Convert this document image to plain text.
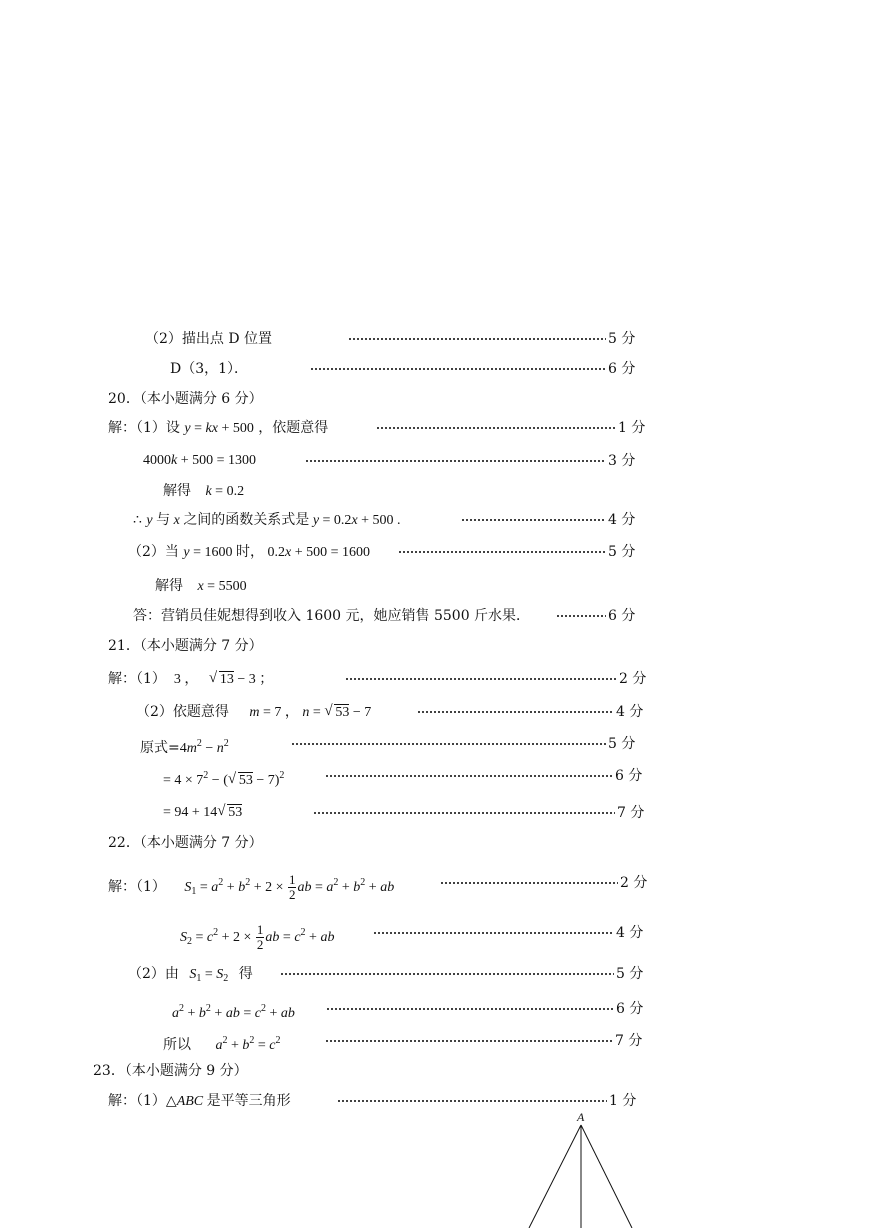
（2）描出点 D 位置	5 分
D（3，1）．	6 分
20．（本小题满分 6 分）
解：（1）设 y = kx + 500 ，依题意得	1 分
4000k + 500 = 1300	3 分
解得 k = 0.2
∴ y 与 x 之间的函数关系式是 y = 0.2x + 500 .	4 分
（2）当 y = 1600 时， 0.2x + 500 = 1600	5 分
解得 x = 5500
答：营销员佳妮想得到收入 1600 元，她应销售 5500 斤水果．	6 分
21．（本小题满分 7 分）
解：（1）  3 ， √ 13 − 3 ；	2 分
（2）依题意得 m = 7 ， n = √ 53 − 7	4 分
原式$=4m^2 - n^2$	5 分
= $4 \times 7^2$ − ( √ 53 − 7)$^2$	6 分
= 94 + 14 √ 53	7 分
22．（本小题满分 7 分）
解：（1） $S_1 = a^2 + b^2 + 2 \times \frac{1}{2}$ ab = $a^2 + b^2$ + ab	2 分
$S_2 = c^2 + 2 \times \frac{1}{2}$ ab = $c^2$ + ab	4 分
（2）由 $S_1 = S_2$ 得	5 分
$a^2 + b^2$ + ab = $c^2$ + ab	6 分
所以 $a^2 + b^2 = c^2$	7 分
23．（本小题满分 9 分）
解：（1）△ABC 是平等三角形	1 分
A
